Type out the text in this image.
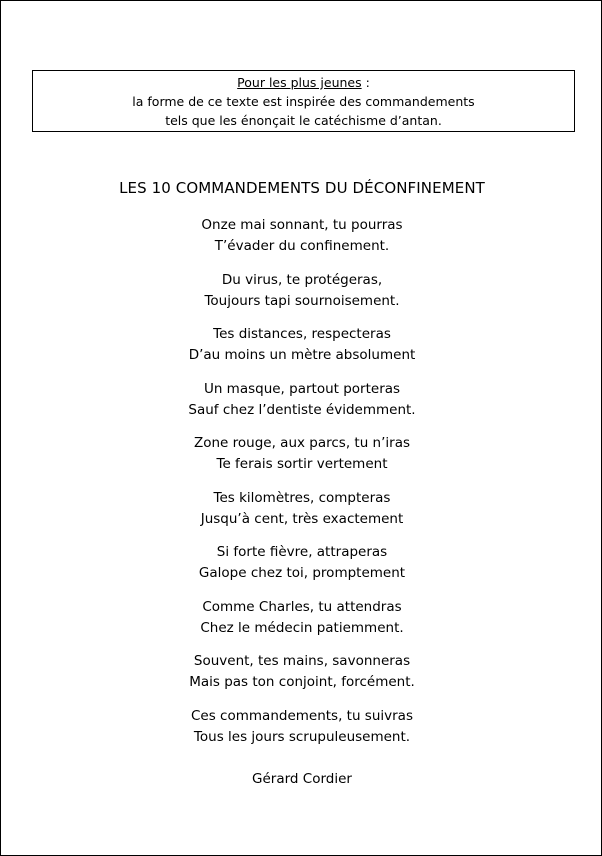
Pour les plus jeunes :
la forme de ce texte est inspirée des commandements
tels que les énonçait le catéchisme d’antan.
LES 10 COMMANDEMENTS DU DÉCONFINEMENT
Onze mai sonnant, tu pourras
T’évader du confinement.
Du virus, te protégeras,
Toujours tapi sournoisement.
Tes distances, respecteras
D’au moins un mètre absolument
Un masque, partout porteras
Sauf chez l’dentiste évidemment.
Zone rouge, aux parcs, tu n’iras
Te ferais sortir vertement
Tes kilomètres, compteras
Jusqu’à cent, très exactement
Si forte fièvre, attraperas
Galope chez toi, promptement
Comme Charles, tu attendras
Chez le médecin patiemment.
Souvent, tes mains, savonneras
Mais pas ton conjoint, forcément.
Ces commandements, tu suivras
Tous les jours scrupuleusement.
Gérard Cordier
